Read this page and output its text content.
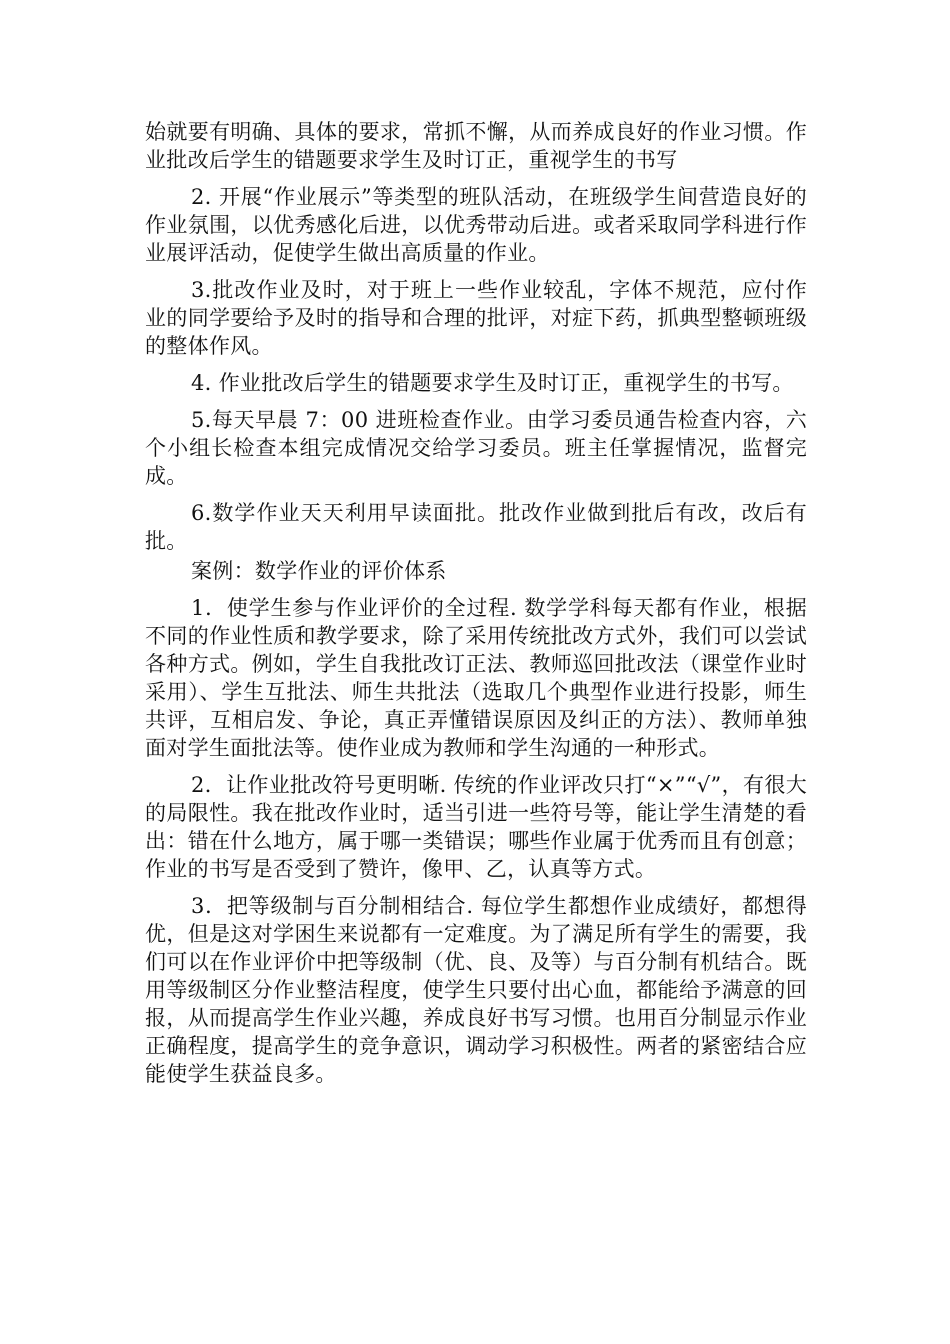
始就要有明确、具体的要求，常抓不懈，从而养成良好的作业习惯。作业批改后学生的错题要求学生及时订正，重视学生的书写

2. 开展“作业展示”等类型的班队活动，在班级学生间营造良好的作业氛围，以优秀感化后进，以优秀带动后进。或者采取同学科进行作业展评活动，促使学生做出高质量的作业。

3.批改作业及时，对于班上一些作业较乱，字体不规范，应付作业的同学要给予及时的指导和合理的批评，对症下药，抓典型整顿班级的整体作风。

4. 作业批改后学生的错题要求学生及时订正，重视学生的书写。

5.每天早晨 7：00 进班检查作业。由学习委员通告检查内容，六个小组长检查本组完成情况交给学习委员。班主任掌握情况，监督完成。

6.数学作业天天利用早读面批。批改作业做到批后有改，改后有批。

案例：数学作业的评价体系

1．使学生参与作业评价的全过程. 数学学科每天都有作业，根据不同的作业性质和教学要求，除了采用传统批改方式外，我们可以尝试各种方式。例如，学生自我批改订正法、教师巡回批改法（课堂作业时采用）、学生互批法、师生共批法（选取几个典型作业进行投影，师生共评，互相启发、争论，真正弄懂错误原因及纠正的方法）、教师单独面对学生面批法等。使作业成为教师和学生沟通的一种形式。

2．让作业批改符号更明晰. 传统的作业评改只打“×”“√”，有很大的局限性。我在批改作业时，适当引进一些符号等，能让学生清楚的看出：错在什么地方，属于哪一类错误；哪些作业属于优秀而且有创意；作业的书写是否受到了赞许，像甲、乙，认真等方式。

3．把等级制与百分制相结合. 每位学生都想作业成绩好，都想得优，但是这对学困生来说都有一定难度。为了满足所有学生的需要，我们可以在作业评价中把等级制（优、良、及等）与百分制有机结合。既用等级制区分作业整洁程度，使学生只要付出心血，都能给予满意的回报，从而提高学生作业兴趣，养成良好书写习惯。也用百分制显示作业正确程度，提高学生的竞争意识，调动学习积极性。两者的紧密结合应能使学生获益良多。
